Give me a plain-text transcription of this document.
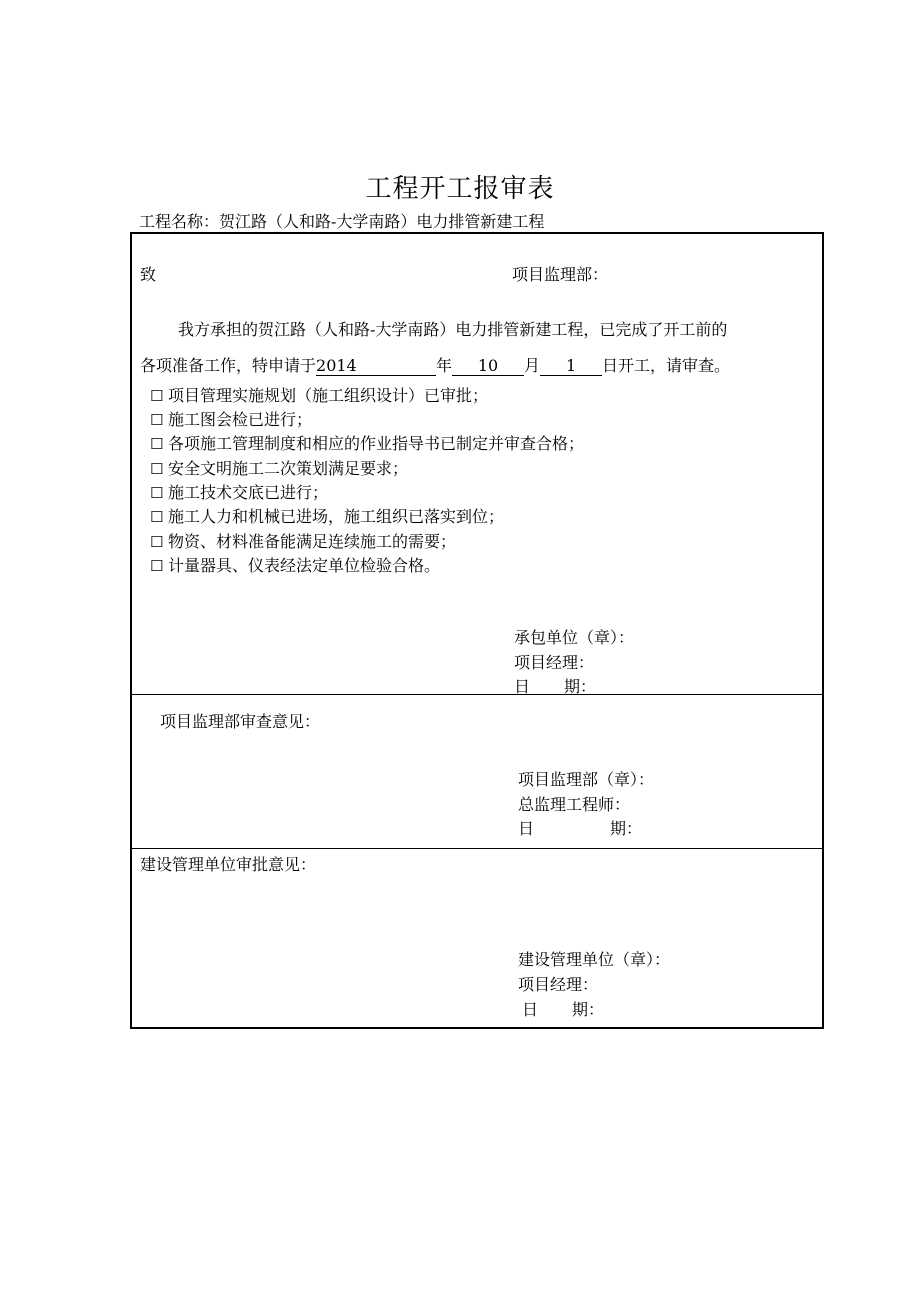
工程开工报审表
工程名称：贺江路（人和路-大学南路）电力排管新建工程
致	项目监理部：
我方承担的贺江路（人和路-大学南路）电力排管新建工程，已完成了开工前的
各项准备工作，特申请于2014	年 10 月 1 日开工，请审查。
☐ 项目管理实施规划（施工组织设计）已审批；
☐ 施工图会检已进行；
☐ 各项施工管理制度和相应的作业指导书已制定并审查合格；
☐ 安全文明施工二次策划满足要求；
☐ 施工技术交底已进行；
☐ 施工人力和机械已进场，施工组织已落实到位；
☐ 物资、材料准备能满足连续施工的需要；
☐ 计量器具、仪表经法定单位检验合格。
承包单位（章）：
项目经理：
日 期：
项目监理部审查意见：
项目监理部（章）：
总监理工程师：
日	期：
建设管理单位审批意见：
建设管理单位（章）：
项目经理：
日 期：
